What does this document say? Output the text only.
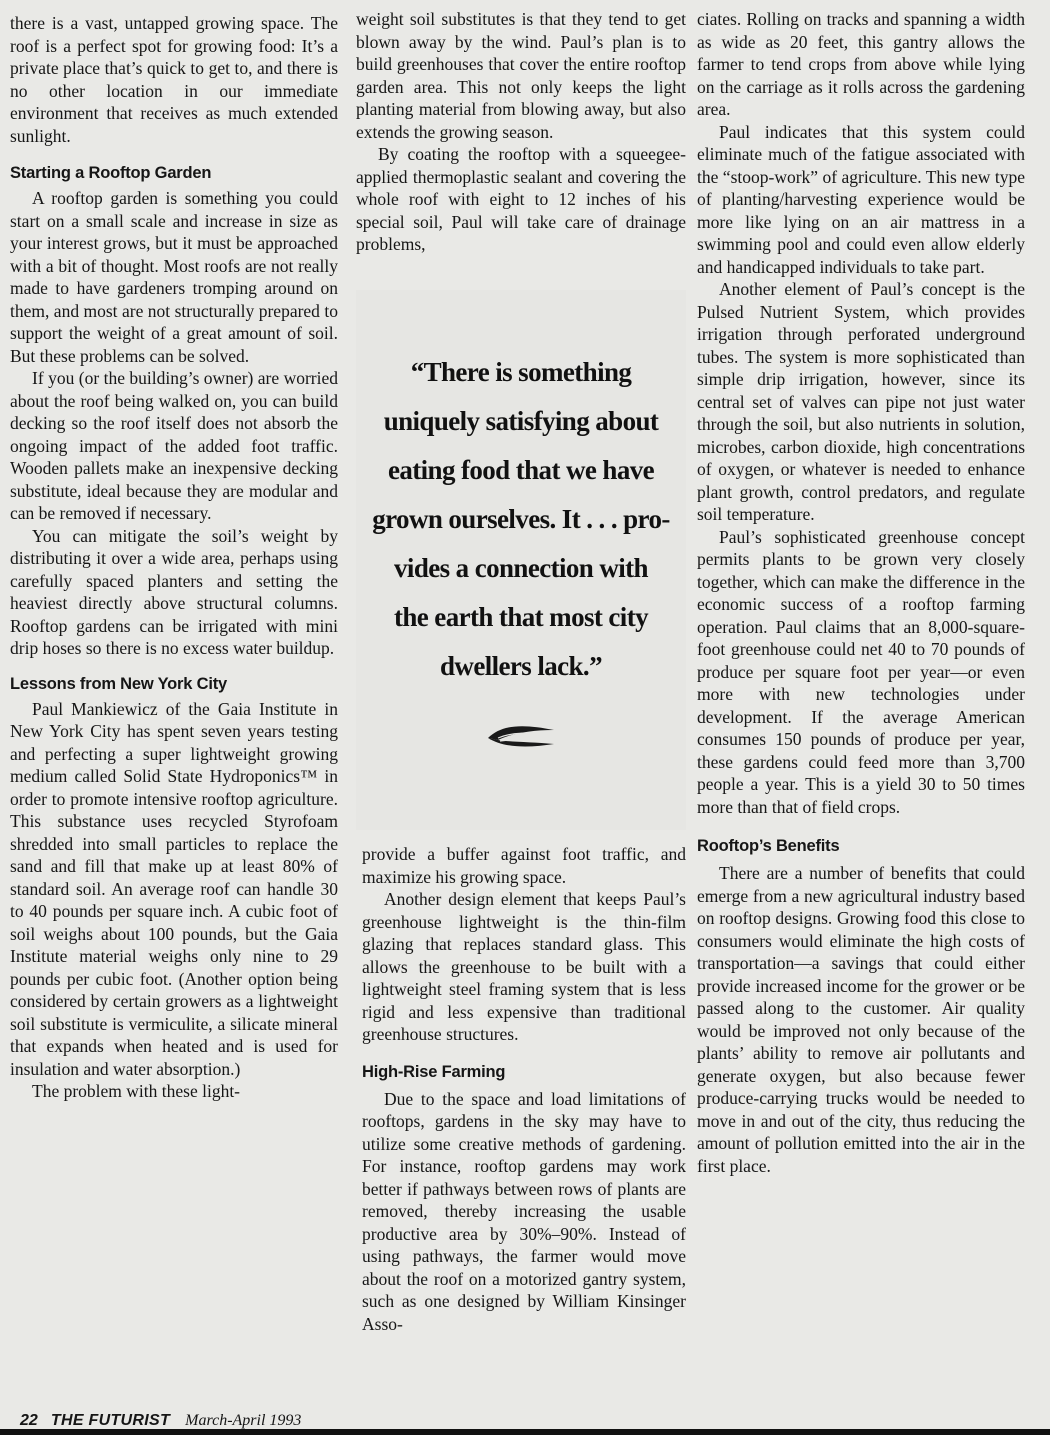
there is a vast, untapped growing space. The roof is a perfect spot for growing food: It’s a private place that’s quick to get to, and there is no other location in our immediate environment that receives as much extended sunlight.

Starting a Rooftop Garden

A rooftop garden is something you could start on a small scale and increase in size as your interest grows, but it must be approached with a bit of thought. Most roofs are not really made to have gardeners tromping around on them, and most are not structurally prepared to support the weight of a great amount of soil. But these problems can be solved.

If you (or the building’s owner) are worried about the roof being walked on, you can build decking so the roof itself does not absorb the ongoing impact of the added foot traffic. Wooden pallets make an inexpensive decking substitute, ideal because they are modular and can be removed if necessary.

You can mitigate the soil’s weight by distributing it over a wide area, perhaps using carefully spaced planters and setting the heaviest directly above structural columns. Rooftop gardens can be irrigated with mini drip hoses so there is no excess water buildup.

Lessons from New York City

Paul Mankiewicz of the Gaia Institute in New York City has spent seven years testing and perfecting a super lightweight growing medium called Solid State Hydroponics™ in order to promote intensive rooftop agriculture. This substance uses recycled Styrofoam shredded into small particles to replace the sand and fill that make up at least 80% of standard soil. An average roof can handle 30 to 40 pounds per square inch. A cubic foot of soil weighs about 100 pounds, but the Gaia Institute material weighs only nine to 29 pounds per cubic foot. (Another option being considered by certain growers as a lightweight soil substitute is vermiculite, a silicate mineral that expands when heated and is used for insulation and water absorption.)

The problem with these light-

weight soil substitutes is that they tend to get blown away by the wind. Paul’s plan is to build greenhouses that cover the entire rooftop garden area. This not only keeps the light planting material from blowing away, but also extends the growing season.

By coating the rooftop with a squeegee-applied thermoplastic sealant and covering the whole roof with eight to 12 inches of his special soil, Paul will take care of drainage problems,

“There is something
uniquely satisfying about
eating food that we have
grown ourselves. It . . . pro-
vides a connection with
the earth that most city
dwellers lack.”

provide a buffer against foot traffic, and maximize his growing space.

Another design element that keeps Paul’s greenhouse lightweight is the thin-film glazing that replaces standard glass. This allows the greenhouse to be built with a lightweight steel framing system that is less rigid and less expensive than traditional greenhouse structures.

High-Rise Farming

Due to the space and load limitations of rooftops, gardens in the sky may have to utilize some creative methods of gardening. For instance, rooftop gardens may work better if pathways between rows of plants are removed, thereby increasing the usable productive area by 30%–90%. Instead of using pathways, the farmer would move about the roof on a motorized gantry system, such as one designed by William Kinsinger Asso-

ciates. Rolling on tracks and spanning a width as wide as 20 feet, this gantry allows the farmer to tend crops from above while lying on the carriage as it rolls across the gardening area.

Paul indicates that this system could eliminate much of the fatigue associated with the “stoop-work” of agriculture. This new type of planting/harvesting experience would be more like lying on an air mattress in a swimming pool and could even allow elderly and handicapped individuals to take part.

Another element of Paul’s concept is the Pulsed Nutrient System, which provides irrigation through perforated underground tubes. The system is more sophisticated than simple drip irrigation, however, since its central set of valves can pipe not just water through the soil, but also nutrients in solution, microbes, carbon dioxide, high concentrations of oxygen, or whatever is needed to enhance plant growth, control predators, and regulate soil temperature.

Paul’s sophisticated greenhouse concept permits plants to be grown very closely together, which can make the difference in the economic success of a rooftop farming operation. Paul claims that an 8,000-square-foot greenhouse could net 40 to 70 pounds of produce per square foot per year—or even more with new technologies under development. If the average American consumes 150 pounds of produce per year, these gardens could feed more than 3,700 people a year. This is a yield 30 to 50 times more than that of field crops.

Rooftop’s Benefits

There are a number of benefits that could emerge from a new agricultural industry based on rooftop designs. Growing food this close to consumers would eliminate the high costs of transportation—a savings that could either provide increased income for the grower or be passed along to the customer. Air quality would be improved not only because of the plants’ ability to remove air pollutants and generate oxygen, but also because fewer produce-carrying trucks would be needed to move in and out of the city, thus reducing the amount of pollution emitted into the air in the first place.

22 THE FUTURIST March-April 1993
